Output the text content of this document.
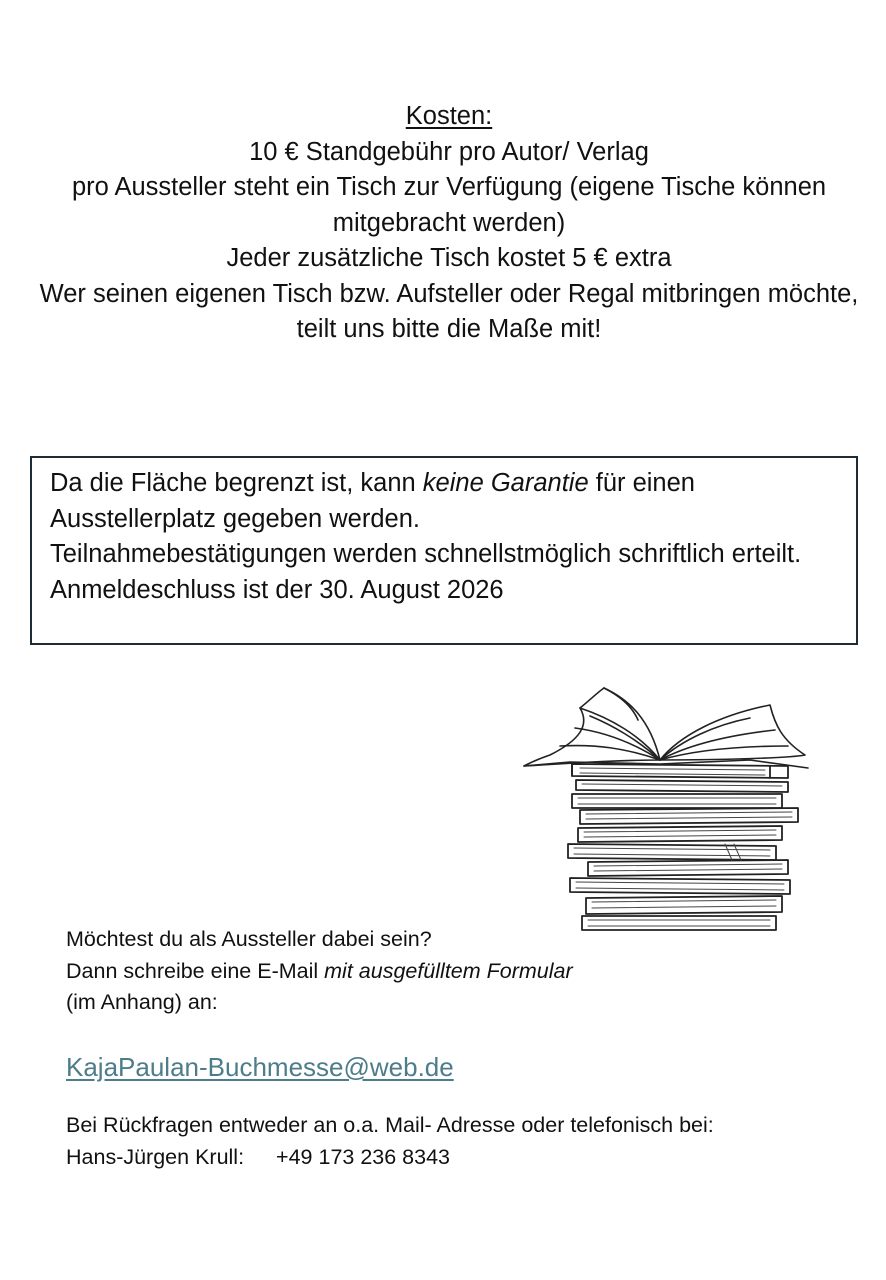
Kosten:
10 € Standgebühr pro Autor/ Verlag
pro Aussteller steht ein Tisch zur Verfügung (eigene Tische können mitgebracht werden)
Jeder zusätzliche Tisch kostet 5 € extra
Wer seinen eigenen Tisch bzw. Aufsteller oder Regal mitbringen möchte, teilt uns bitte die Maße mit!
Da die Fläche begrenzt ist, kann keine Garantie für einen Ausstellerplatz gegeben werden.
Teilnahmebestätigungen werden schnellstmöglich schriftlich erteilt.
Anmeldeschluss ist der 30. August 2026
Möchtest du als Aussteller dabei sein?
Dann schreibe eine E-Mail mit ausgefülltem Formular
(im Anhang) an:
KajaPaulan-Buchmesse@web.de
Bei Rückfragen entweder an o.a. Mail- Adresse oder telefonisch bei:
Hans-Jürgen Krull: +49 173 236 8343
